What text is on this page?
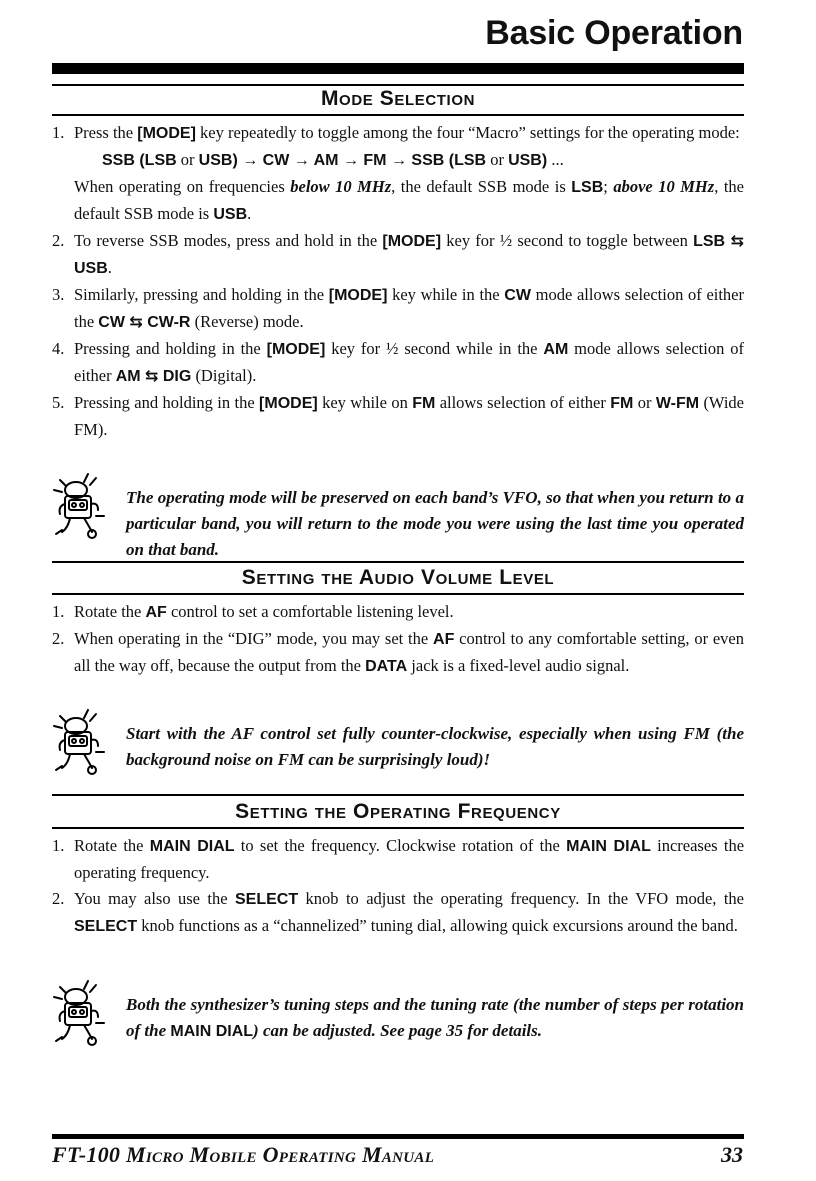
Basic Operation
Mode Selection
1. Press the [MODE] key repeatedly to toggle among the four “Macro” settings for the operating mode:
SSB (LSB or USB) → CW → AM → FM → SSB (LSB or USB) ...
When operating on frequencies below 10 MHz, the default SSB mode is LSB; above 10 MHz, the default SSB mode is USB.
2. To reverse SSB modes, press and hold in the [MODE] key for ½ second to toggle between LSB ⇆ USB.
3. Similarly, pressing and holding in the [MODE] key while in the CW mode allows selection of either the CW ⇆ CW-R (Reverse) mode.
4. Pressing and holding in the [MODE] key for ½ second while in the AM mode allows selection of either AM ⇆ DIG (Digital).
5. Pressing and holding in the [MODE] key while on FM allows selection of either FM or W-FM (Wide FM).

The operating mode will be preserved on each band’s VFO, so that when you return to a particular band, you will return to the mode you were using the last time you operated on that band.

Setting the Audio Volume Level
1. Rotate the AF control to set a comfortable listening level.
2. When operating in the “DIG” mode, you may set the AF control to any comfortable setting, or even all the way off, because the output from the DATA jack is a fixed-level audio signal.

Start with the AF control set fully counter-clockwise, especially when using FM (the background noise on FM can be surprisingly loud)!

Setting the Operating Frequency
1. Rotate the MAIN DIAL to set the frequency. Clockwise rotation of the MAIN DIAL increases the operating frequency.
2. You may also use the SELECT knob to adjust the operating frequency. In the VFO mode, the SELECT knob functions as a “channelized” tuning dial, allowing quick excursions around the band.

Both the synthesizer’s tuning steps and the tuning rate (the number of steps per rotation of the MAIN DIAL) can be adjusted. See page 35 for details.

FT-100 Micro Mobile Operating Manual	33
